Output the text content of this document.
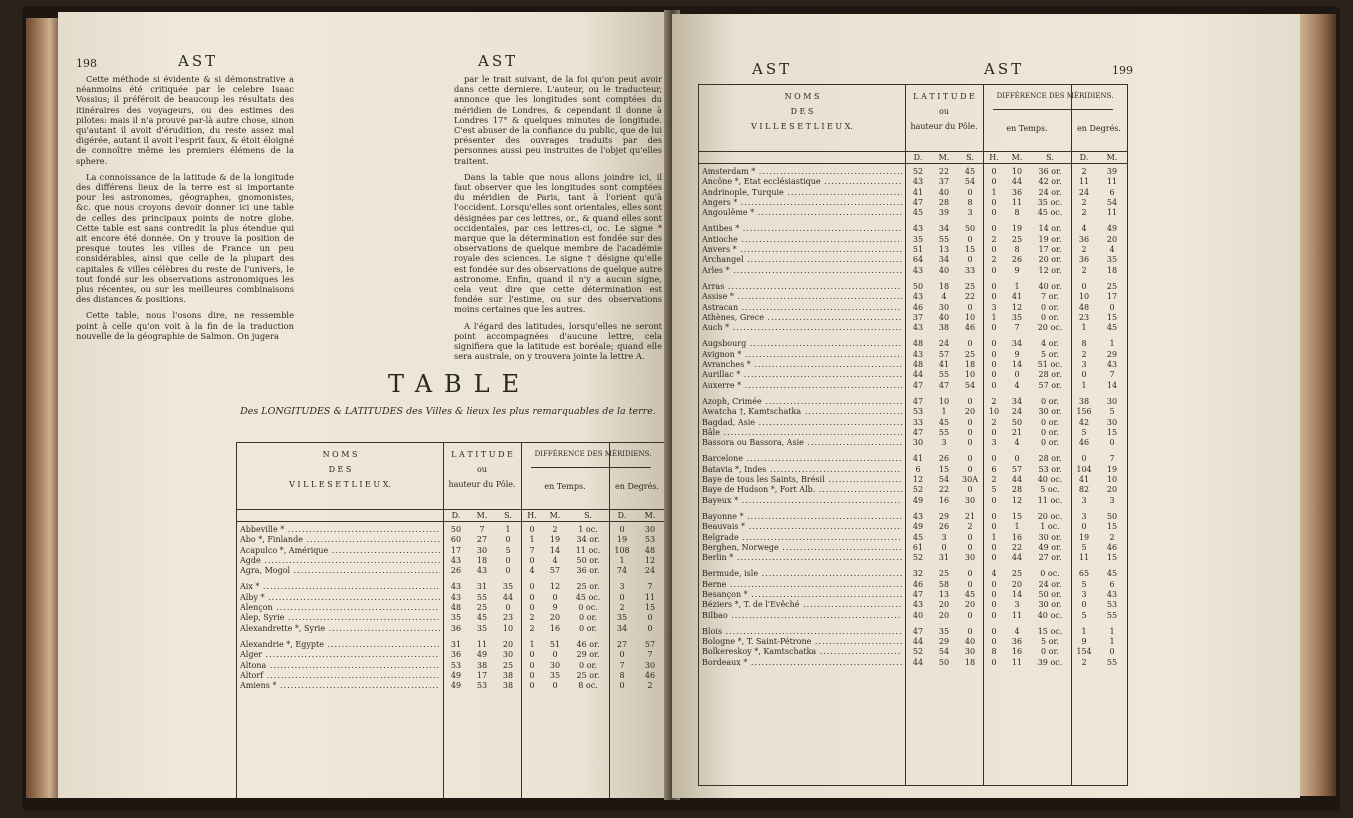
198	AST	AST

Cette méthode si évidente & si démonstrative a néanmoins été critiquée par le celebre Isaac Vossius; il préféroit de beaucoup les résultats des itinéraires des voyageurs, ou des estimes des pilotes: mais il n'a prouvé par-là autre chose, sinon qu'autant il avoit d'érudition, du reste assez mal digérée, autant il avoit l'esprit faux, & étoit éloigné de connoître même les premiers élémens de la sphere.

La connoissance de la latitude & de la longitude des différens lieux de la terre est si importante pour les astronomes, géographes, gnomonistes, &c. que nous croyons devoir donner ici une table de celles des principaux points de notre globe. Cette table est sans contredit la plus étendue qui ait encore été donnée. On y trouve la position de presque toutes les villes de France un peu considérables, ainsi que celle de la plupart des capitales & villes célèbres du reste de l'univers, le tout fondé sur les observations astronomiques les plus récentes, ou sur les meilleures combinaisons des distances & positions.

Cette table, nous l'osons dire, ne ressemble point à celle qu'on voit à la fin de la traduction nouvelle de la géographie de Salmon. On jugera

par le trait suivant, de la foi qu'on peut avoir dans cette derniere. L'auteur, ou le traducteur, annonce que les longitudes sont comptées du méridien de Londres, & cependant il donne à Londres 17° & quelques minutes de longitude. C'est abuser de la confiance du public, que de lui présenter des ouvrages traduits par des personnes aussi peu instruites de l'objet qu'elles traitent.

Dans la table que nous allons joindre ici, il faut observer que les longitudes sont comptées du méridien de Paris, tant à l'orient qu'à l'occident. Lorsqu'elles sont orientales, elles sont désignées par ces lettres, or., & quand elles sont occidentales, par ces lettres-ci, oc. Le signe * marque que la détermination est fondée sur des observations de quelque membre de l'académie royale des sciences. Le signe † désigne qu'elle est fondée sur des observations de quelque autre astronome. Enfin, quand il n'y a aucun signe, cela veut dire que cette détermination est fondée sur l'estime, ou sur des observations moins certaines que les autres.

A l'égard des latitudes, lorsqu'elles ne seront point accompagnées d'aucune lettre, cela signifiera que la latitude est boréale; quand elle sera australe, on y trouvera jointe la lettre A.

TABLE
Des LONGITUDES & LATITUDES des Villes & lieux les plus remarquables de la terre.
N O M S
D E S
V I L L E S E T L I E U X.
L A T I T U D E
ou
hauteur du Pôle.
DIFFÉRENCE DES MÉRIDIENS.
en Temps.	en Degrés.
D.	M.	S.	H.	M.	S.	D.	M.
Abbeville * .....	50	7	1	0	2	1 oc.	0	30
Abo *, Finlande .....	60	27	0	1	19	34 or.	19	53
Acapulco *, Amérique .....	17	30	5	7	14	11 oc.	108	48
Agde .....	43	18	0	0	4	50 or.	1	12
Agra, Mogol .....	26	43	0	4	57	36 or.	74	24
Aix * .....	43	31	35	0	12	25 or.	3	7
Alby * .....	43	55	44	0	0	45 oc.	0	11
Alençon .....	48	25	0	0	9	0 oc.	2	15
Alep, Syrie .....	35	45	23	2	20	0 or.	35	0
Alexandrette *, Syrie .....	36	35	10	2	16	0 or.	34	0
Alexandrie *, Egypte .....	31	11	20	1	51	46 or.	27	57
Alger .....	36	49	30	0	0	29 or.	0	7
Altona .....	53	38	25	0	30	0 or.	7	30
Altorf .....	49	17	38	0	35	25 or.	8	46
Amiens * .....	49	53	38	0	0	8 oc.	0	2
AST	AST	199
N O M S
D E S
V I L L E S E T L I E U X.
L A T I T U D E
ou
hauteur du Pôle.
DIFFÉRENCE DES MÉRIDIENS.
en Temps.	en Degrés.
D.	M.	S.	H.	M.	S.	D.	M.
Amsterdam * .....	52	22	45	0	10	36 or.	2	39
Ancône *, Etat ecclésiastique .....	43	37	54	0	44	42 or.	11	11
Andrinople, Turquie .....	41	40	0	1	36	24 or.	24	6
Angers * .....	47	28	8	0	11	35 oc.	2	54
Angoulême * .....	45	39	3	0	8	45 oc.	2	11
Antibes * .....	43	34	50	0	19	14 or.	4	49
Antioche .....	35	55	0	2	25	19 or.	36	20
Anvers * .....	51	13	15	0	8	17 or.	2	4
Archangel .....	64	34	0	2	26	20 or.	36	35
Arles * .....	43	40	33	0	9	12 or.	2	18
Arras .....	50	18	25	0	1	40 or.	0	25
Assise * .....	43	4	22	0	41	7 or.	10	17
Astracan .....	46	30	0	3	12	0 or.	48	0
Athènes, Grece .....	37	40	10	1	35	0 or.	23	15
Auch * .....	43	38	46	0	7	20 oc.	1	45
Augsbourg .....	48	24	0	0	34	4 or.	8	1
Avignon * .....	43	57	25	0	9	5 or.	2	29
Avranches * .....	48	41	18	0	14	51 oc.	3	43
Aurillac * .....	44	55	10	0	0	28 or.	0	7
Auxerre * .....	47	47	54	0	4	57 or.	1	14
Azoph, Crimée .....	47	10	0	2	34	0 or.	38	30
Awatcha †, Kamtschatka .....	53	1	20	10	24	30 or.	156	5
Bagdad, Asie .....	33	45	0	2	50	0 or.	42	30
Bâle .....	47	55	0	0	21	0 or.	5	15
Bassora ou Bassora, Asie .....	30	3	0	3	4	0 or.	46	0
Barcelone .....	41	26	0	0	0	28 or.	0	7
Batavia *, Indes .....	6	15	0	6	57	53 or.	104	19
Baye de tous les Saints, Brésil .....	12	54	30A	2	44	40 oc.	41	10
Baye de Hudson *, Fort Alb. .....	52	22	0	5	28	5 oc.	82	20
Bayeux * .....	49	16	30	0	12	11 oc.	3	3
Bayonne * .....	43	29	21	0	15	20 oc.	3	50
Beauvais * .....	49	26	2	0	1	1 oc.	0	15
Belgrade .....	45	3	0	1	16	30 or.	19	2
Berghen, Norwege .....	61	0	0	0	22	49 or.	5	46
Berlin * .....	52	31	30	0	44	27 or.	11	15
Bermude, isle .....	32	25	0	4	25	0 oc.	65	45
Berne .....	46	58	0	0	20	24 or.	5	6
Besançon * .....	47	13	45	0	14	50 or.	3	43
Béziers *, T. de l'Evêché .....	43	20	20	0	3	30 or.	0	53
Bilbao .....	40	20	0	0	11	40 oc.	5	55
Blois .....	47	35	0	0	4	15 oc.	1	1
Bologne *, T. Saint-Pétrone .....	44	29	40	0	36	5 or.	9	1
Bolkereskoy *, Kamtschatka .....	52	54	30	8	16	0 or.	154	0
Bordeaux * .....	44	50	18	0	11	39 oc.	2	55
